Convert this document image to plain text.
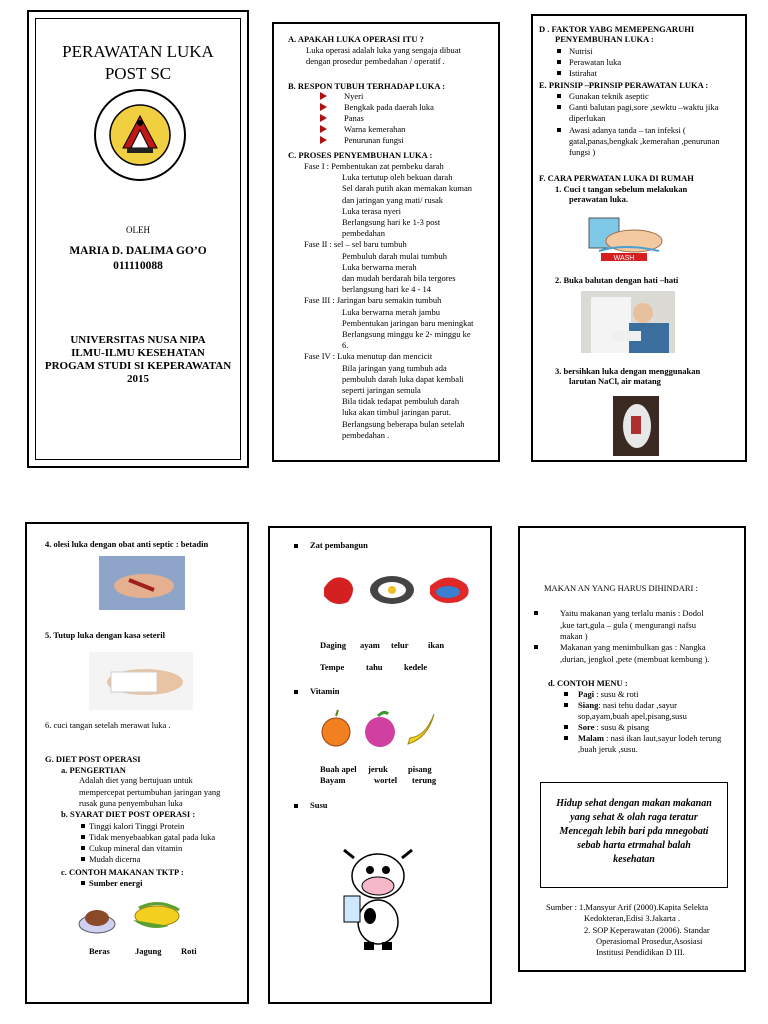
PERAWATAN LUKA
POST SC
OLEH
MARIA D. DALIMA GO’O
011110088
UNIVERSITAS NUSA NIPA
ILMU-ILMU KESEHATAN
PROGAM STUDI SI KEPERAWATAN
2015
A. APAKAH LUKA OPERASI ITU ?
Luka operasi adalah luka yang sengaja dibuat
dengan prosedur pembedahan / operatif .
B. RESPON TUBUH TERHADAP LUKA :
Nyeri
Bengkak pada daerah luka
Panas
Warna kemerahan
Penurunan fungsi
C. PROSES PENYEMBUHAN LUKA :
Fase I : Pembentukan zat pembeku darah
Luka tertutup oleh bekuan darah
Sel darah putih akan memakan kuman
dan jaringan yang mati/ rusak
Luka terasa nyeri
Berlangsung hari ke 1-3 post
pembedahan
Fase II : sel – sel baru tumbuh
Pembuluh darah mulai tumbuh
Luka berwarna merah
dan mudah berdarah bila tergores
berlangsung hari ke 4 - 14
Fase III : Jaringan baru semakin tumbuh
Luka berwarna merah jambu
Pembentukan jaringan baru meningkat
Berlangsung minggu ke 2- minggu ke
6.
Fase IV : Luka menutup dan mencicit
Bila jaringan yang tumbuh ada
pembuluh darah luka dapat kembali
seperti jaringan semula
Bila tidak tedapat pembuluh darah
luka akan timbul jaringan parut.
Berlangsung beberapa bulan setelah
pembedahan .
D . FAKTOR YABG MEMEPENGARUHI
PENYEMBUHAN LUKA :
Nutrisi
Perawatan luka
Istirahat
E. PRINSIP –PRINSIP PERAWATAN LUKA :
Gunakan teknik aseptic
Ganti balutan pagi,sore ,sewktu –waktu jika
diperlukan
Awasi adanya tanda – tan infeksi (
gatal,panas,bengkak ,kemerahan ,penurunan
fungsi )
F. CARA PERWATAN LUKA DI RUMAH
1. Cuci t tangan sebelum melakukan
perawatan luka.
WASH
2. Buka balutan dengan hati –hati
3. bersihkan luka dengan menggunakan
larutan NaCl, air matang
4. olesi luka dengan obat anti septic : betadin
5. Tutup luka dengan kasa seteril
6. cuci tangan setelah merawat luka .
G. DIET POST OPERASI
a. PENGERTIAN
Adalah diet yang bertujuan untuk
mempercepat pertumbuhan jaringan yang
rusak guna penyembuhan luka
b. SYARAT DIET POST OPERASI :
Tinggi kalori Tinggi Protein
Tidak menyebaabkan gatal pada luka
Cukup mineral dan vitamin
Mudah dicerna
c. CONTOH MAKANAN TKTP :
Sumber energi
Beras	Jagung Roti
Zat pembangun
Daging ayam telur ikan
Tempe	tahu	kedele
Vitamin
Buah apel jeruk pisang
Bayam	wortel terung
Susu
MAKAN AN YANG HARUS DIHINDARI :
Yaitu makanan yang terlalu manis : Dodol
,kue tart,gula – gula ( mengurangi nafsu
makan )
Makanan yang menimbulkan gas : Nangka
,durian, jengkol ,pete (membuat kembung ).
d. CONTOH MENU :
Pagi : susu & roti
Siang: nasi tehu dadar ,sayur
sop,ayam,buah apel,pisang,susu
Sore : susu & pisang
Malam : nasi ikan laut,sayur lodeh terung
,buah jeruk ,susu.
Hidup sehat dengan makan makanan
yang sehat & olah raga teratur
Mencegah lebih bari pda mnegobati
sebab harta etrmahal balah
kesehatan
Sumber : 1.Mansyur Arif (2000).Kapita Selekta
Kedokteran,Edisi 3.Jakarta .
2. SOP Keperawatan (2006). Standar
Operasiomal Prosedur,Asosiasi
Institusi Pendidikan D III.
